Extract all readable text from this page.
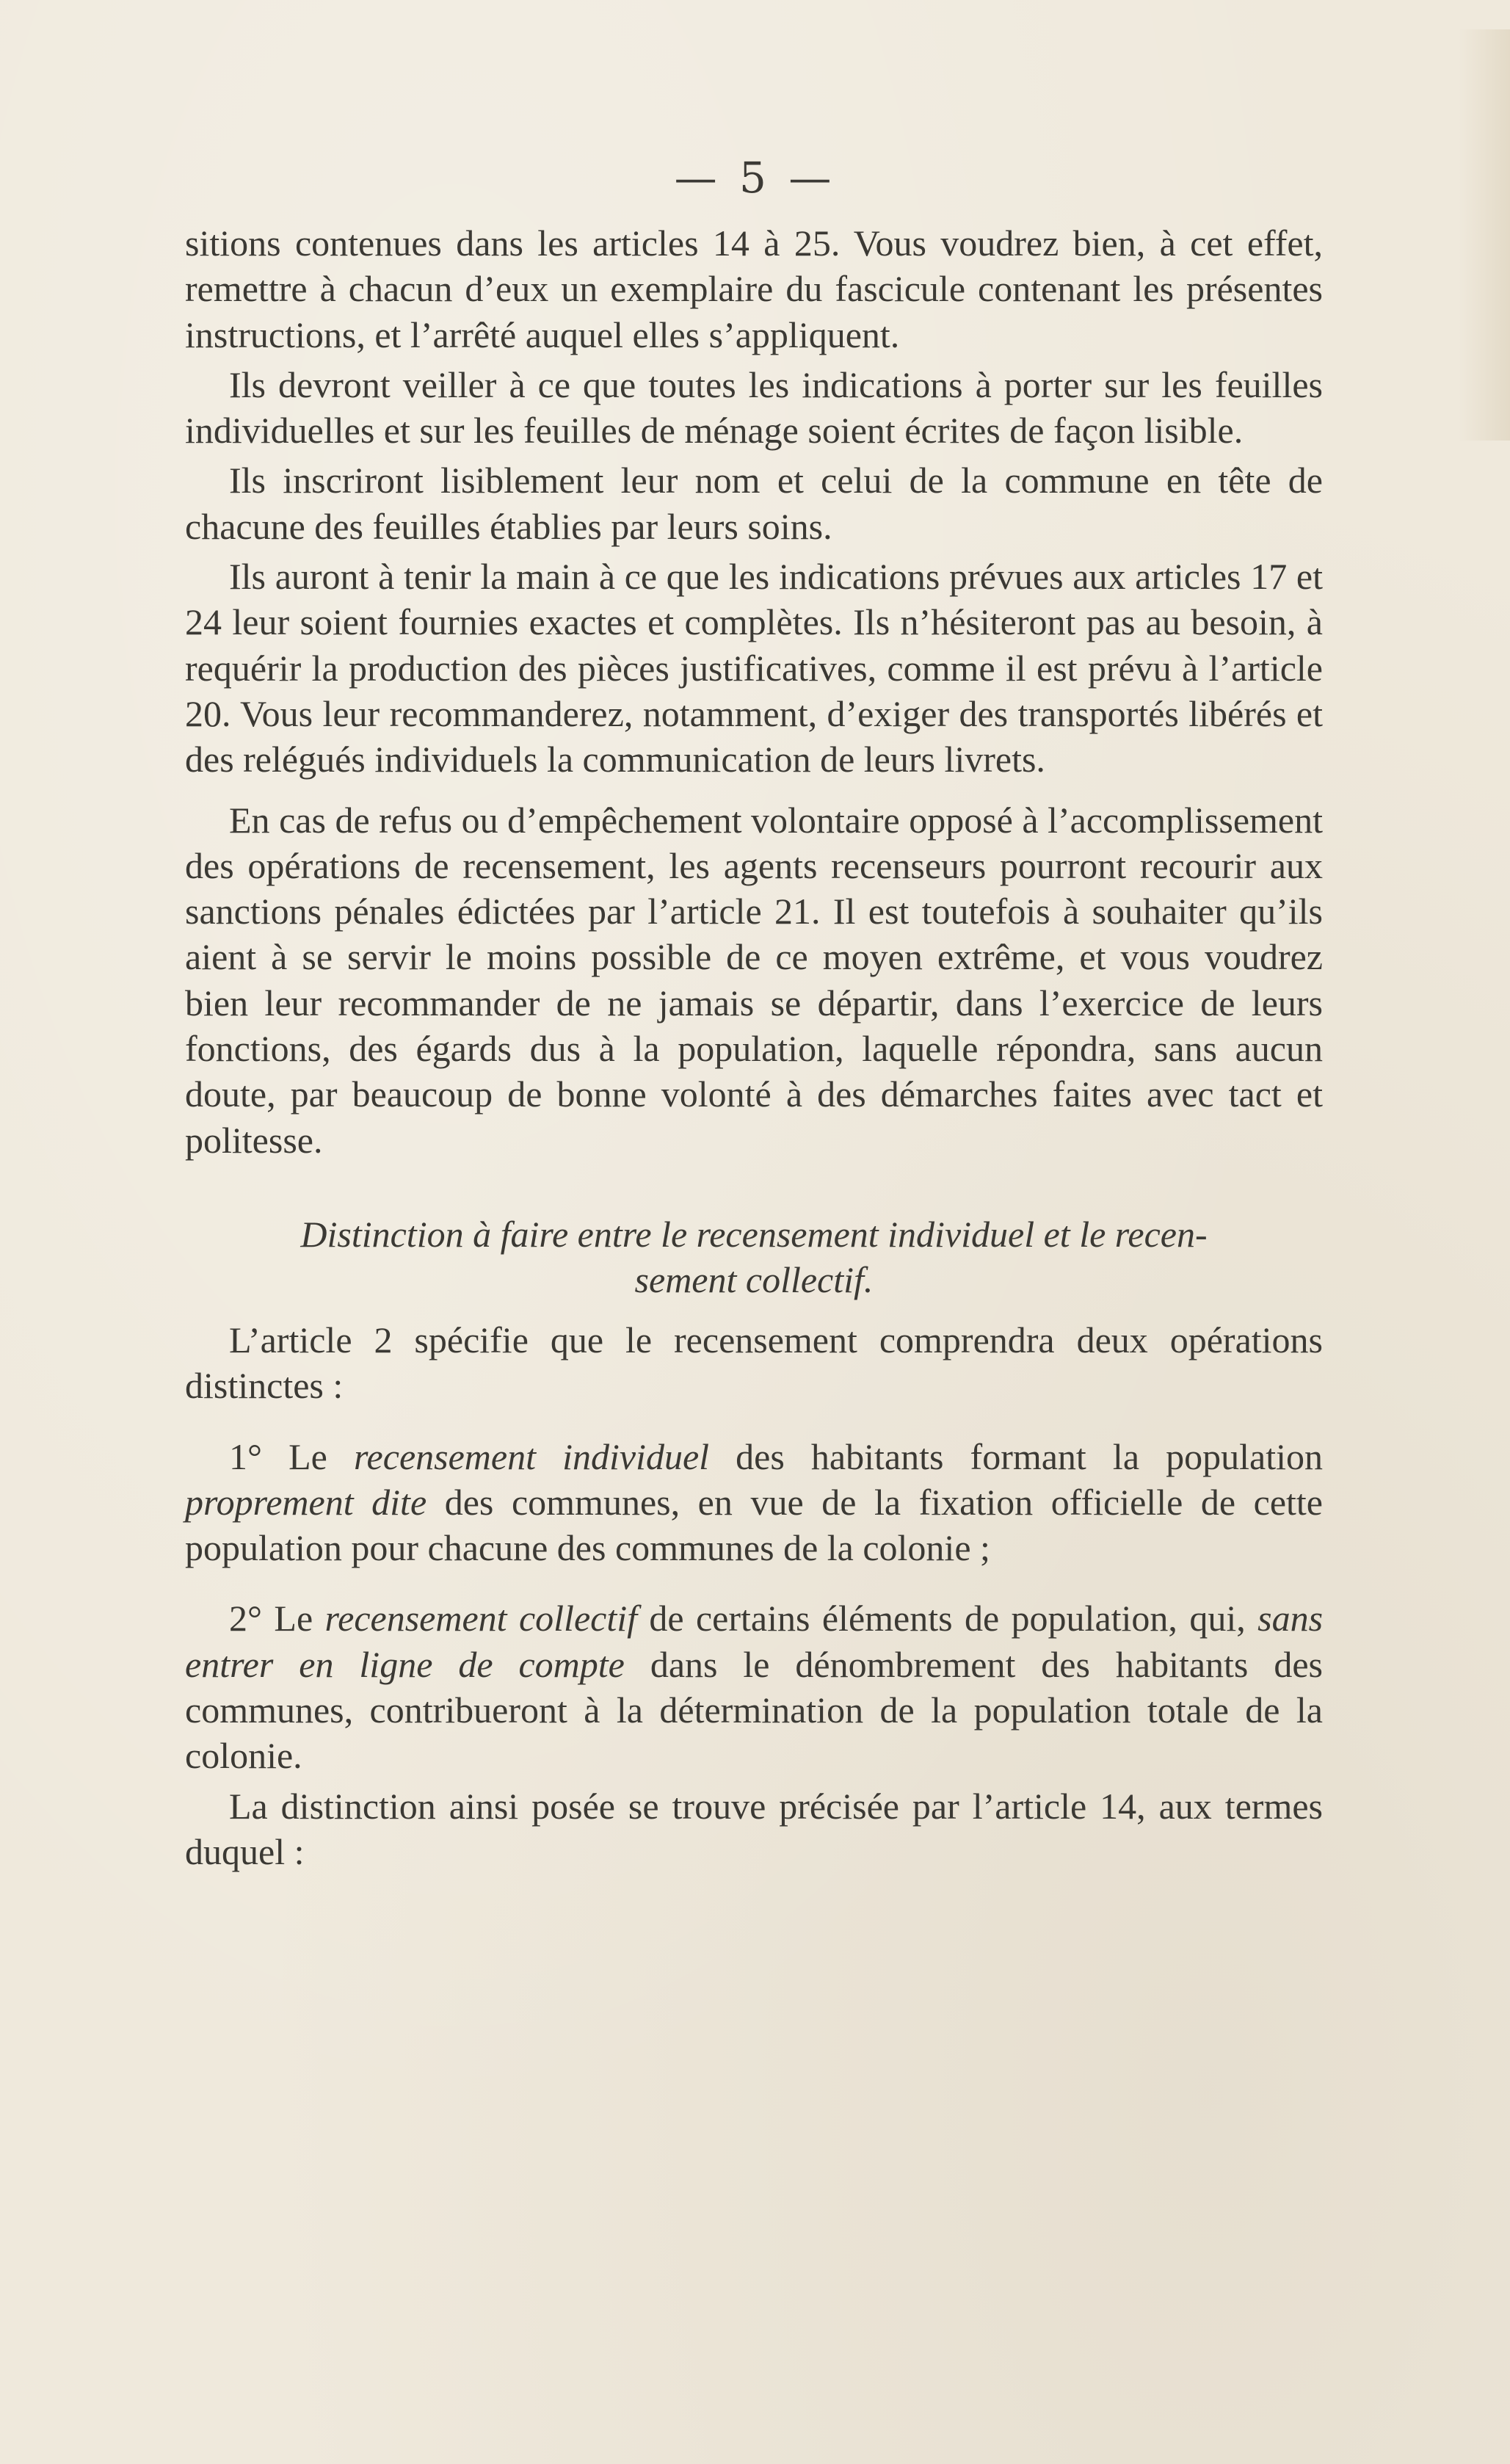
— 5 —

sitions contenues dans les articles 14 à 25. Vous voudrez bien, à cet effet, remettre à chacun d’eux un exemplaire du fascicule contenant les présentes instructions, et l’arrêté auquel elles s’appliquent.

Ils devront veiller à ce que toutes les indications à porter sur les feuilles individuelles et sur les feuilles de ménage soient écrites de façon lisible.

Ils inscriront lisiblement leur nom et celui de la commune en tête de chacune des feuilles établies par leurs soins.

Ils auront à tenir la main à ce que les indications prévues aux articles 17 et 24 leur soient fournies exactes et complètes. Ils n’hésiteront pas au besoin, à requérir la production des pièces justificatives, comme il est prévu à l’article 20. Vous leur recommanderez, notamment, d’exiger des transportés libérés et des relégués individuels la communication de leurs livrets.

En cas de refus ou d’empêchement volontaire opposé à l’accomplissement des opérations de recensement, les agents recenseurs pourront recourir aux sanctions pénales édictées par l’article 21. Il est toutefois à souhaiter qu’ils aient à se servir le moins possible de ce moyen extrême, et vous voudrez bien leur recommander de ne jamais se départir, dans l’exercice de leurs fonctions, des égards dus à la population, laquelle répondra, sans aucun doute, par beaucoup de bonne volonté à des démarches faites avec tact et politesse.

Distinction à faire entre le recensement individuel et le recen-
sement collectif.

L’article 2 spécifie que le recensement comprendra deux opérations distinctes :

1° Le recensement individuel des habitants formant la population proprement dite des communes, en vue de la fixation officielle de cette population pour chacune des communes de la colonie ;

2° Le recensement collectif de certains éléments de population, qui, sans entrer en ligne de compte dans le dénombrement des habitants des communes, contribueront à la détermination de la population totale de la colonie.

La distinction ainsi posée se trouve précisée par l’article 14, aux termes duquel :
